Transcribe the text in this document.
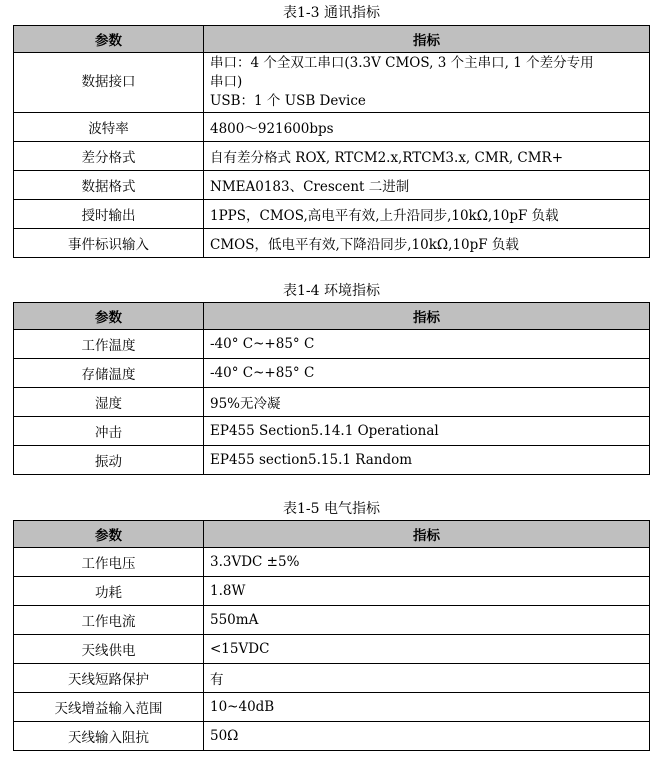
表1-3 通讯指标
参数	指标
数据接口	串口：4 个全双工串口(3.3V CMOS, 3 个主串口, 1 个差分专用
串口)
USB：1 个 USB Device

波特率	4800～921600bps
差分格式	自有差分格式 ROX, RTCM2.x,RTCM3.x, CMR, CMR+
数据格式	NMEA0183、Crescent 二进制
授时输出	1PPS，CMOS,高电平有效,上升沿同步,10kΩ,10pF 负载
事件标识输入	CMOS，低电平有效,下降沿同步,10kΩ,10pF 负载
表1-4 环境指标
参数	指标
工作温度	-40° C~+85° C
存储温度	-40° C~+85° C
湿度	95%无冷凝
冲击	EP455 Section5.14.1 Operational
振动	EP455 section5.15.1 Random
表1-5 电气指标
参数	指标
工作电压	3.3VDC ±5%
功耗	1.8W
工作电流	550mA
天线供电	<15VDC
天线短路保护	有
天线增益输入范围	10~40dB
天线输入阻抗	50Ω
